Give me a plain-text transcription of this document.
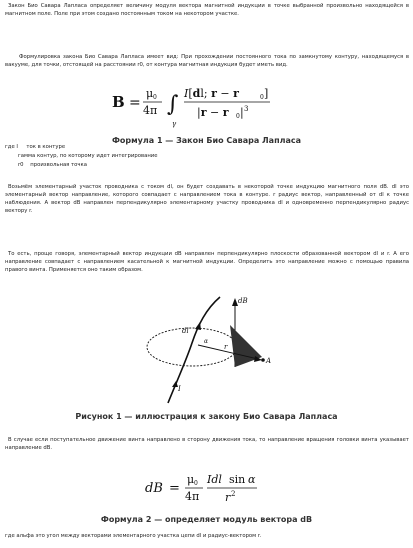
Закон Био Савара Лапласа определяет величину модуля вектора магнитной индукции в точке выбранной произвольно находящейся в магнитном поле. Поле при этом создано постоянным током на некотором участке.

Формулировка закона Био Савара Лапласа имеет вид: При прохождении постоянного тока по замкнутому контуру, находящемуся в вакууме, для точки, отстоящей на расстоянии r0, от контура магнитная индукция будет иметь вид.

B =
μ 0
4π ∫
γ
I[dl; r − r	0 ]
|r − r 0 | 3
Формула 1 — Закон Био Савара Лапласа
где I     ток в контуре
гамма контур, по которому идет интегрирование
r0    произвольная точка

Возьмём элементарный участок проводника с током dl, он будет создавать в некоторой точке индукцию магнитного поля dB. dl это элементарный вектор направление, которого совпадает с направлением тока в контуре. r радиус вектор, направленный от dl к точке наблюдения. А вектор dB направлен перпендикулярно элементарному участку проводника dl и одновременно перпендикулярно радиус вектору r.

То есть, проще говоря, элементарный вектор индукции dB направлен перпендикулярно плоскости образованной вектором dl и r. А его направление совпадает с направлением касательной к магнитной индукции. Определить это направление можно с помощью правила правого винта. Применяется оно таким образом.

dB
dl
r
A
I
α
Рисунок 1 — иллюстрация к закону Био Савара Лапласа

В случае если поступательное движение винта направлено в сторону движения тока, то направление вращения головки винта указывает направление dB.

dB =
μ 0
4π
Idl sin α
r 2
Формула 2 — определяет модуль вектора dB

где альфа это угол между векторами элементарного участка цепи dl и радиус-вектором r.
